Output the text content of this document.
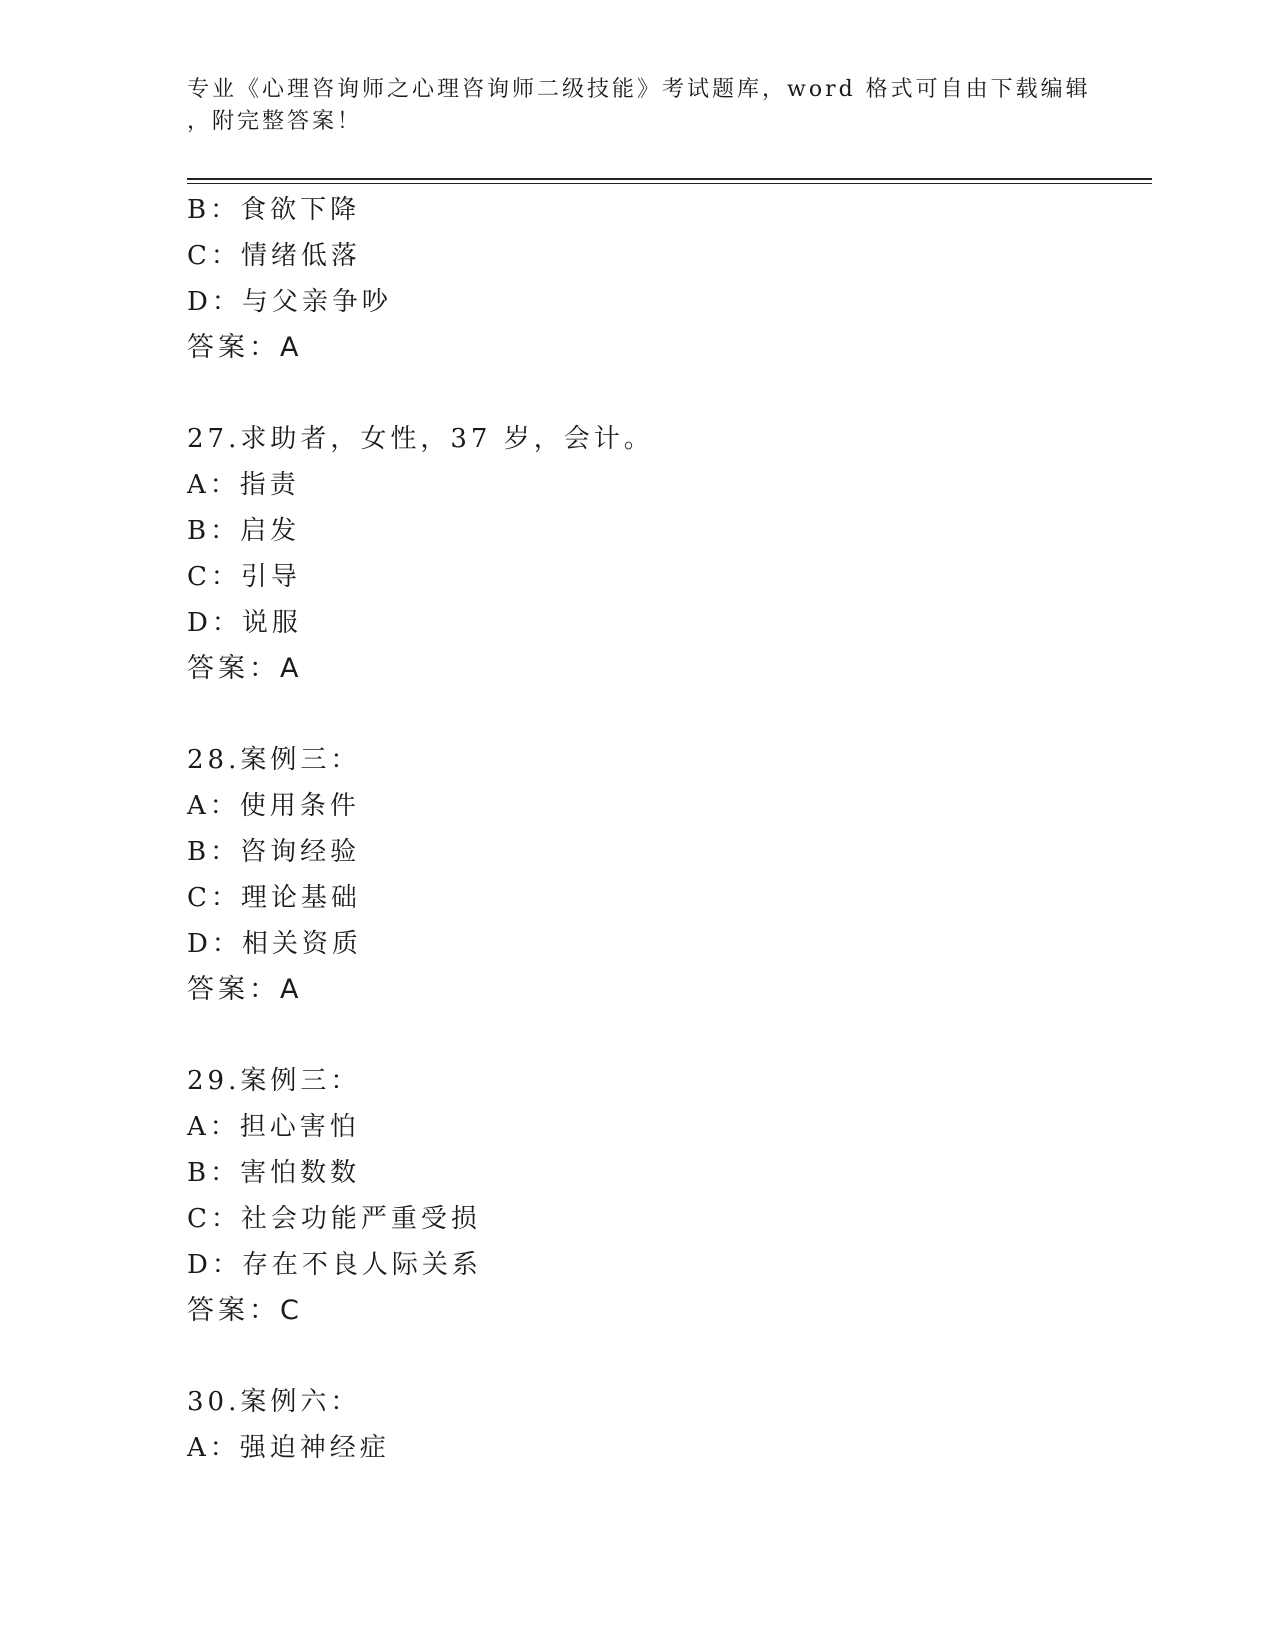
专业《心理咨询师之心理咨询师二级技能》考试题库，word 格式可自由下载编辑
，附完整答案！
B：食欲下降
C：情绪低落
D：与父亲争吵
答案：A
27.求助者，女性，37 岁，会计。
A：指责
B：启发
C：引导
D：说服
答案：A
28.案例三：
A：使用条件
B：咨询经验
C：理论基础
D：相关资质
答案：A
29.案例三：
A：担心害怕
B：害怕数数
C：社会功能严重受损
D：存在不良人际关系
答案：C
30.案例六：
A：强迫神经症
